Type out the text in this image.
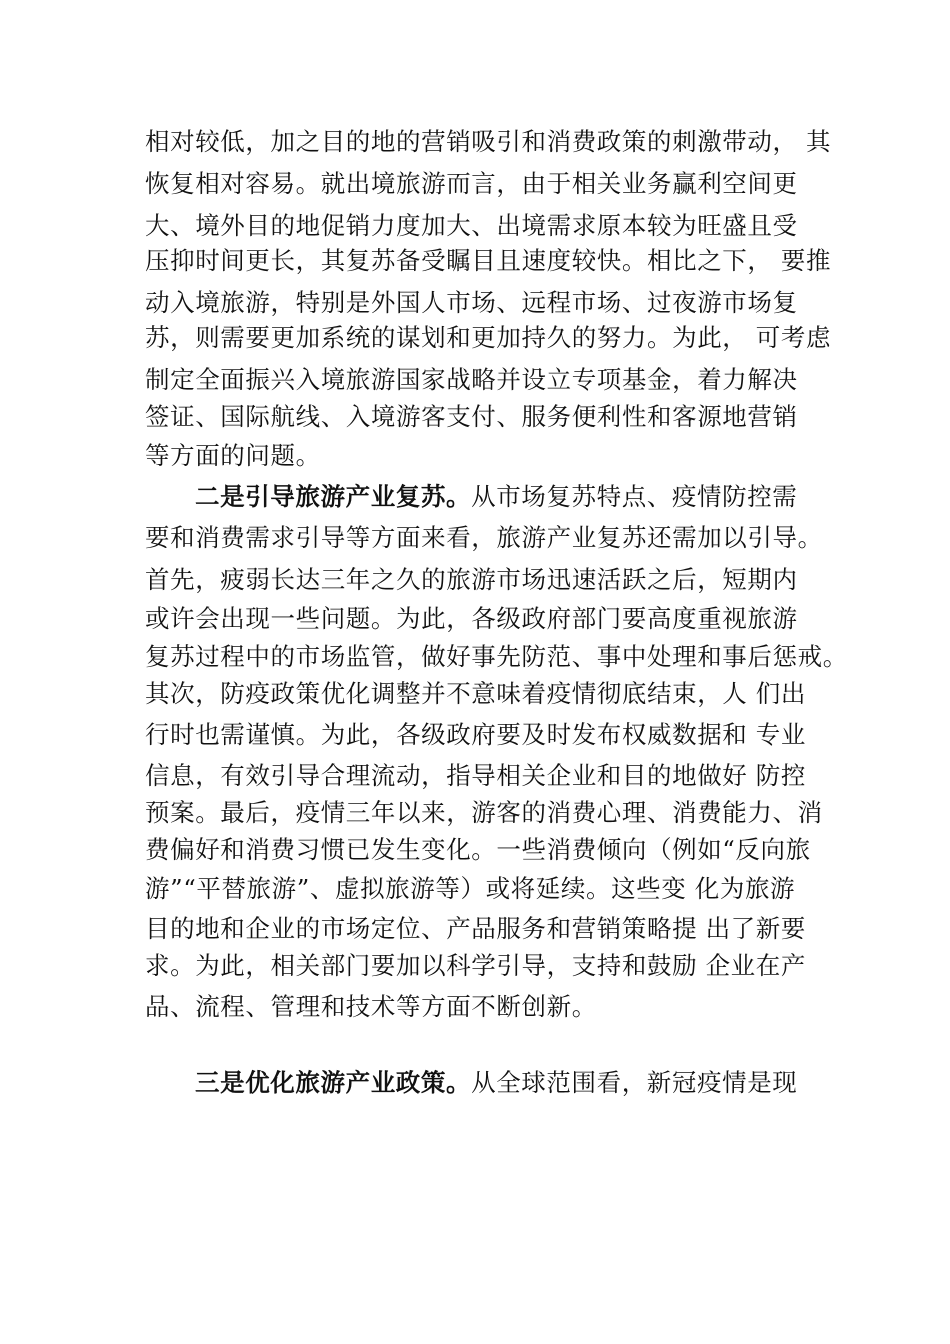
相对较低，加之目的地的营销吸引和消费政策的刺激带动， 其
恢复相对容易。就出境旅游而言，由于相关业务赢利空间更
大、境外目的地促销力度加大、出境需求原本较为旺盛且受
压抑时间更长，其复苏备受瞩目且速度较快。相比之下， 要推
动入境旅游，特别是外国人市场、远程市场、过夜游市场复
苏，则需要更加系统的谋划和更加持久的努力。为此， 可考虑
制定全面振兴入境旅游国家战略并设立专项基金，着力解决
签证、国际航线、入境游客支付、服务便利性和客源地营销
等方面的问题。
二是引导旅游产业复苏。从市场复苏特点、疫情防控需
要和消费需求引导等方面来看，旅游产业复苏还需加以引导。
首先，疲弱长达三年之久的旅游市场迅速活跃之后，短期内
或许会出现一些问题。为此，各级政府部门要高度重视旅游
复苏过程中的市场监管，做好事先防范、事中处理和事后惩戒。
其次，防疫政策优化调整并不意味着疫情彻底结束，人 们出
行时也需谨慎。为此，各级政府要及时发布权威数据和 专业
信息，有效引导合理流动，指导相关企业和目的地做好 防控
预案。最后，疫情三年以来，游客的消费心理、消费能力、消
费偏好和消费习惯已发生变化。一些消费倾向（例如“反向旅
游”“平替旅游”、虚拟旅游等）或将延续。这些变 化为旅游
目的地和企业的市场定位、产品服务和营销策略提 出了新要
求。为此，相关部门要加以科学引导，支持和鼓励 企业在产
品、流程、管理和技术等方面不断创新。
三是优化旅游产业政策。从全球范围看，新冠疫情是现
